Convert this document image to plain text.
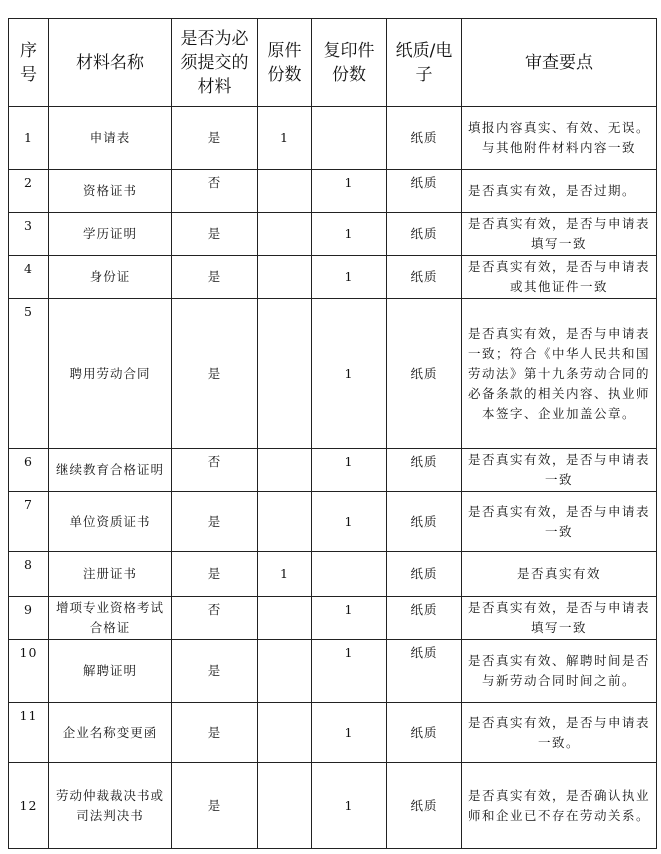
序号	材料名称	是否为必须提交的材料	原件份数	复印件份数	纸质/电子	审查要点
1	申请表	是	1		纸质	填报内容真实、有效、无误。与其他附件材料内容一致
2	资格证书	否		1	纸质	是否真实有效，是否过期。
3	学历证明	是		1	纸质	是否真实有效，是否与申请表填写一致
4	身份证	是		1	纸质	是否真实有效，是否与申请表或其他证件一致
5	聘用劳动合同	是		1	纸质	是否真实有效，是否与申请表一致；符合《中华人民共和国劳动法》第十九条劳动合同的必备条款的相关内容、执业师本签字、企业加盖公章。
6	继续教育合格证明	否		1	纸质	是否真实有效，是否与申请表一致
7	单位资质证书	是		1	纸质	是否真实有效，是否与申请表一致
8	注册证书	是	1		纸质	是否真实有效
9	增项专业资格考试合格证	否		1	纸质	是否真实有效，是否与申请表填写一致
10	解聘证明	是		1	纸质	是否真实有效、解聘时间是否与新劳动合同时间之前。
11	企业名称变更函	是		1	纸质	是否真实有效，是否与申请表一致。
12	劳动仲裁裁决书或司法判决书	是		1	纸质	是否真实有效，是否确认执业师和企业已不存在劳动关系。
